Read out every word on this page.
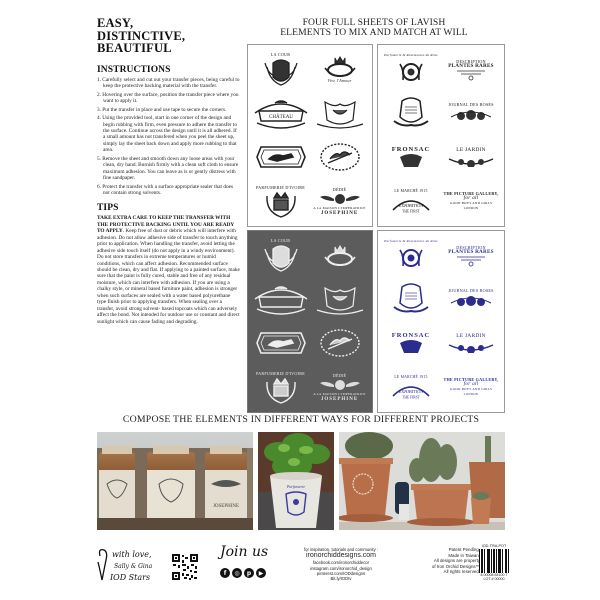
EASY,
DISTINCTIVE,
BEAUTIFUL
INSTRUCTIONS
1. Carefully select and cut out your transfer pieces, being careful to keep the protective backing material with the transfer.
2. Hovering over the surface, position the transfer piece where you want to apply it.
3. Put the transfer in place and use tape to secure the corners.
4. Using the provided tool, start in one corner of the design and begin rubbing with firm, even pressure to adhere the transfer to the surface. Continue across the design until it is all adhered. If a small amount has not transfered when you peel the sheet up, simply lay the sheet back down and apply more rubbing to that area.
5. Remove the sheet and smooth down any loose areas with your clean, dry hand. Burnish firmly with a clean soft cloth to ensure maximum adhesion. You can leave as is or gently distress with fine sandpaper.
6. Protect the transfer with a surface appropriate sealer that does not contain strong solvents.
TIPS

TAKE EXTRA CARE TO KEEP THE TRANSFER WITH THE PROTECTIVE BACKING UNTIL YOU ARE READY TO APPLY. Keep free of dust or debris which will interfere with adhesion. Do not allow adhesive side of transfer to touch anything prior to application. When handling the transfer, avoid letting the adhesive side touch itself (do not apply in a windy environment). Do not store transfers in extreme temperatures or humid conditions, which can affect adhesion. Recommended surface should be clean, dry and flat. If applying to a painted surface, make sure that the paint is fully cured, stable and free of any residual moisture, which can interfere with adhesion. If you are using a chalky style, or mineral based furniture paint, adhesion is stronger when such surfaces are sealed with a water based polyurethane type finish prior to applying transfers. When sealing over a transfer, avoid strong solvent- based topcoats which can adversely affect the bond. Not intended for outdoor use or constant and direct sunlight which can cause fading and degrading.

FOUR FULL SHEETS OF LAVISH
ELEMENTS TO MIX AND MATCH AT WILL
LA COUR
Vive l'Amour
CHÂTEAU
PARFUMERIE D'IVOIRE	DÉDIÉ
A LA MAISON L'IMPERATRICE
JOSEPHINE
Parfumerie & Rosementes du Rose
DESCRIPTION
PLANTES RARES
JOURNAL DES ROSES
FRONSAC	LE JARDIN
LE MARCHÉ 1915
EXHIBITION
THE FIRST
THE PICTURE GALLERY,
for all
GOOD BOYS AND GIRLS
LONDON
LA COUR
PARFUMERIE D'IVOIRE	DÉDIÉ
A LA MAISON L'IMPERATRICE
JOSEPHINE
Parfumerie & Rosementes du Rose
DESCRIPTION
PLANTES RARES
JOURNAL DES ROSES
FRONSAC	LE JARDIN
LE MARCHÉ 1915
EXHIBITION
THE FIRST
THE PICTURE GALLERY,
for all
GOOD BOYS AND GIRLS
LONDON
COMPOSE THE ELEMENTS IN DIFFERENT WAYS FOR DIFFERENT PROJECTS
JOSEPHINE
Parfumerie
with love,
Sally & Gina
IOD Stars
Join us
f	◎	p	▶
for inspiration, tutorials and community :
ironorchiddesigns.com
facebook.com/ironorchiddecor
instagram.com/ironorchid_design
pinterest.com/IODdesigns
Bit.ly/IODtv
Patent Pending.
Made in Taiwan.
All designs are property
of Iron Orchid Designs™
All rights reserved.
IOD-TRA-POT
8 00008 84100 7
LOT # 00000
